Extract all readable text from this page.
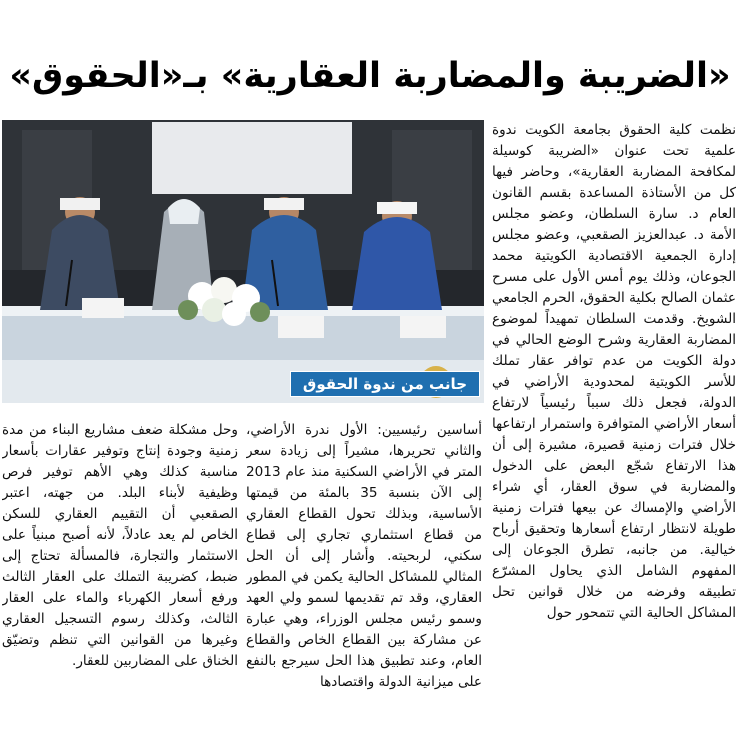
«الضريبة والمضاربة العقارية» بـ«الحقوق»
جانب من ندوة الحقوق

نظمت كلية الحقوق بجامعة الكويت ندوة علمية تحت عنوان «الضريبة كوسيلة لمكافحة المضاربة العقارية»، وحاضر فيها كل من الأستاذة المساعدة بقسم القانون العام د. سارة السلطان، وعضو مجلس الأمة د. عبدالعزيز الصقعبي، وعضو مجلس إدارة الجمعية الاقتصادية الكويتية محمد الجوعان، وذلك يوم أمس الأول على مسرح عثمان الصالح بكلية الحقوق، الحرم الجامعي الشويخ. وقدمت السلطان تمهيداً لموضوع المضاربة العقارية وشرح الوضع الحالي في دولة الكويت من عدم توافر عقار تملك للأسر الكويتية لمحدودية الأراضي في الدولة، فجعل ذلك سبباً رئيسياً لارتفاع أسعار الأراضي المتوافرة واستمرار ارتفاعها خلال فترات زمنية قصيرة، مشيرة إلى أن هذا الارتفاع شجّع البعض على الدخول والمضاربة في سوق العقار، أي شراء الأراضي والإمساك عن بيعها فترات زمنية طويلة لانتظار ارتفاع أسعارها وتحقيق أرباح خيالية. من جانبه، تطرق الجوعان إلى المفهوم الشامل الذي يحاول المشرّع تطبيقه وفرضه من خلال قوانين تحل المشاكل الحالية التي تتمحور حول

أساسين رئيسيين: الأول ندرة الأراضي، والثاني تحريرها، مشيراً إلى زيادة سعر المتر في الأراضي السكنية منذ عام 2013 إلى الآن بنسبة 35 بالمئة من قيمتها الأساسية، وبذلك تحول القطاع العقاري من قطاع استثماري تجاري إلى قطاع سكني، لربحيته. وأشار إلى أن الحل المثالي للمشاكل الحالية يكمن في المطور العقاري، وقد تم تقديمها لسمو ولي العهد وسمو رئيس مجلس الوزراء، وهي عبارة عن مشاركة بين القطاع الخاص والقطاع العام، وعند تطبيق هذا الحل سيرجع بالنفع على ميزانية الدولة واقتصادها

وحل مشكلة ضعف مشاريع البناء من مدة زمنية وجودة إنتاج وتوفير عقارات بأسعار مناسبة كذلك وهي الأهم توفير فرص وظيفية لأبناء البلد. من جهته، اعتبر الصقعبي أن التقييم العقاري للسكن الخاص لم يعد عادلاً، لأنه أصبح مبنياً على الاستثمار والتجارة، فالمسألة تحتاج إلى ضبط، كضريبة التملك على العقار الثالث ورفع أسعار الكهرباء والماء على العقار الثالث، وكذلك رسوم التسجيل العقاري وغيرها من القوانين التي تنظم وتضيّق الخناق على المضاربين للعقار.
